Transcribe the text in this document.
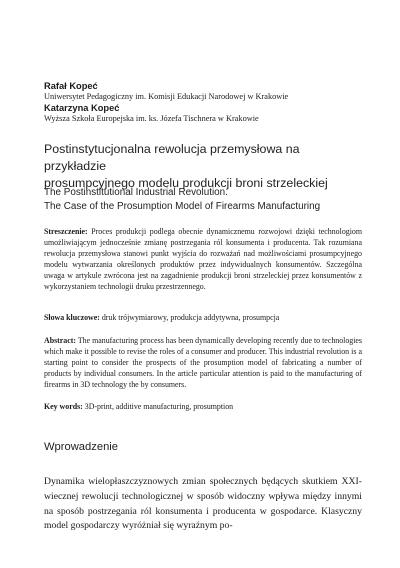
Rafał Kopeć
Uniwersytet Pedagogiczny im. Komisji Edukacji Narodowej w Krakowie
Katarzyna Kopeć
Wyższa Szkoła Europejska im. ks. Józefa Tischnera w Krakowie
Postinstytucjonalna rewolucja przemysłowa na przykładzie
prosumpcyjnego modelu produkcji broni strzeleckiej
The Postinstitutional Industrial Revolution.
The Case of the Prosumption Model of Firearms Manufacturing

Streszczenie: Proces produkcji podlega obecnie dynamicznemu rozwojowi dzięki technologiom umożliwiającym jednocześnie zmianę postrzegania ról konsumenta i producenta. Tak rozumiana rewolucja przemysłowa stanowi punkt wyjścia do rozważań nad możliwościami prosumpcyjnego modelu wytwarzania określonych produktów przez indywidualnych konsumentów. Szczególna uwaga w artykule zwrócona jest na zagadnienie produkcji broni strzeleckiej przez konsumentów z wykorzystaniem technologii druku przestrzennego.

Słowa kluczowe: druk trójwymiarowy, produkcja addytywna, prosumpcja

Abstract: The manufacturing process has been dynamically developing recently due to technologies which make it possible to revise the roles of a consumer and producer. This industrial revolution is a starting point to consider the prospects of the prosumption model of fabricating a number of products by individual consumers. In the article particular attention is paid to the manufacturing of firearms in 3D technology the by consumers.

Key words: 3D-print, additive manufacturing, prosumption

Wprowadzenie

Dynamika wielopłaszczyznowych zmian społecznych będących skutkiem XXI-wiecznej rewolucji technologicznej w sposób widoczny wpływa między innymi na sposób postrzegania ról konsumenta i producenta w gospodarce. Klasyczny model gospodarczy wyróżniał się wyraźnym po-
